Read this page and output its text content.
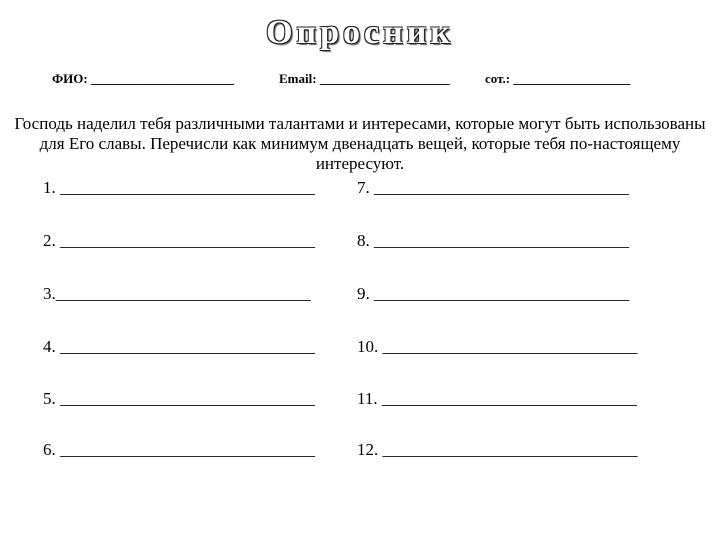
Опросник
ФИО: ______________________	Email: ____________________	сот.: __________________

Господь наделил тебя различными талантами и интересами, которые могут быть использованы для Его славы. Перечисли как минимум двенадцать вещей, которые тебя по-настоящему интересуют.

1. ______________________________
2. ______________________________
3.______________________________
4. ______________________________
5. ______________________________
6. ______________________________
7. ______________________________
8. ______________________________
9. ______________________________
10. ______________________________
11. ______________________________
12. ______________________________
